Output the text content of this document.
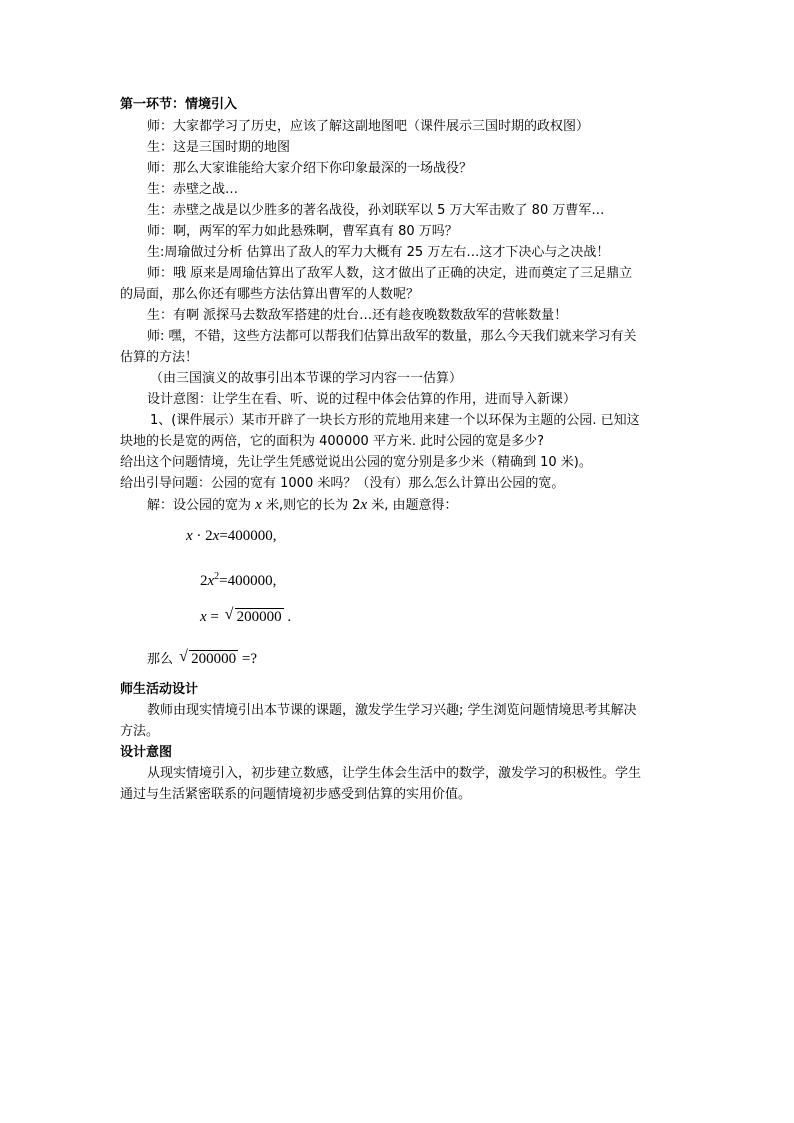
第一环节：情境引入
师：大家都学习了历史，应该了解这副地图吧（课件展示三国时期的政权图）
生：这是三国时期的地图
师：那么大家谁能给大家介绍下你印象最深的一场战役？
生：赤壁之战…
生：赤壁之战是以少胜多的著名战役，孙刘联军以 5 万大军击败了 80 万曹军…
师：啊，两军的军力如此悬殊啊，曹军真有 80 万吗？
生:周瑜做过分析 估算出了敌人的军力大概有 25 万左右…这才下决心与之决战！
师：哦 原来是周瑜估算出了敌军人数，这才做出了正确的决定，进而奠定了三足鼎立
的局面，那么你还有哪些方法估算出曹军的人数呢？
生：有啊 派探马去数敌军搭建的灶台…还有趁夜晚数数敌军的营帐数量！
师: 嘿，不错，这些方法都可以帮我们估算出敌军的数量，那么今天我们就来学习有关
估算的方法！
（由三国演义的故事引出本节课的学习内容一一估算）
设计意图：让学生在看、听、说的过程中体会估算的作用，进而导入新课）
1、(课件展示）某市开辟了一块长方形的荒地用来建一个以环保为主题的公园. 已知这
块地的长是宽的两倍，它的面积为 400000 平方米. 此时公园的宽是多少?
给出这个问题情境，先让学生凭感觉说出公园的宽分别是多少米（精确到 10 米)。
给出引导问题：公园的宽有 1000 米吗？（没有）那么怎么计算出公园的宽。
解：设公园的宽为 x 米,则它的长为 2x 米, 由题意得：
x · 2x=400000,
$2x^2=400000$,
x = √ 200000 .
那么 √ 200000 =?
师生活动设计
教师由现实情境引出本节课的课题，激发学生学习兴趣; 学生浏览问题情境思考其解决
方法。
设计意图
从现实情境引入，初步建立数感，让学生体会生活中的数学，激发学习的积极性。学生
通过与生活紧密联系的问题情境初步感受到估算的实用价值。
